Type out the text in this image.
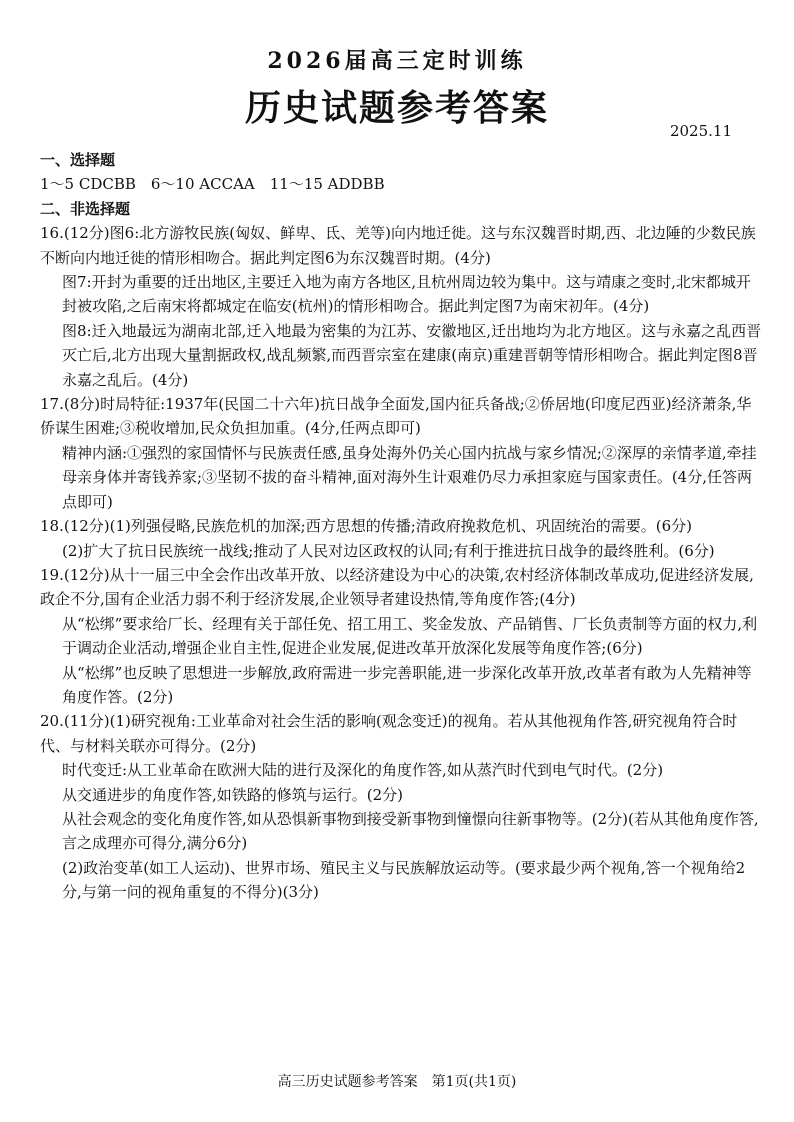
2026届高三定时训练
历史试题参考答案
2025.11

一、选择题

1～5 CDCBB　6～10 ACCAA　11～15 ADDBB

二、非选择题

16.(12分)图6:北方游牧民族(匈奴、鲜卑、氐、羌等)向内地迁徙。这与东汉魏晋时期,西、北边陲的少数民族不断向内地迁徙的情形相吻合。据此判定图6为东汉魏晋时期。(4分)

图7:开封为重要的迁出地区,主要迁入地为南方各地区,且杭州周边较为集中。这与靖康之变时,北宋都城开封被攻陷,之后南宋将都城定在临安(杭州)的情形相吻合。据此判定图7为南宋初年。(4分)

图8:迁入地最远为湖南北部,迁入地最为密集的为江苏、安徽地区,迁出地均为北方地区。这与永嘉之乱西晋灭亡后,北方出现大量割据政权,战乱频繁,而西晋宗室在建康(南京)重建晋朝等情形相吻合。据此判定图8晋永嘉之乱后。(4分)

17.(8分)时局特征:1937年(民国二十六年)抗日战争全面发,国内征兵备战;②侨居地(印度尼西亚)经济萧条,华侨谋生困难;③税收增加,民众负担加重。(4分,任两点即可)

精神内涵:①强烈的家国情怀与民族责任感,虽身处海外仍关心国内抗战与家乡情况;②深厚的亲情孝道,牵挂母亲身体并寄钱养家;③坚韧不拔的奋斗精神,面对海外生计艰难仍尽力承担家庭与国家责任。(4分,任答两点即可)

18.(12分)(1)列强侵略,民族危机的加深;西方思想的传播;清政府挽救危机、巩固统治的需要。(6分)

(2)扩大了抗日民族统一战线;推动了人民对边区政权的认同;有利于推进抗日战争的最终胜利。(6分)

19.(12分)从十一届三中全会作出改革开放、以经济建设为中心的决策,农村经济体制改革成功,促进经济发展,政企不分,国有企业活力弱不利于经济发展,企业领导者建设热情,等角度作答;(4分)

从“松绑”要求给厂长、经理有关于部任免、招工用工、奖金发放、产品销售、厂长负责制等方面的权力,利于调动企业活动,增强企业自主性,促进企业发展,促进改革开放深化发展等角度作答;(6分)

从“松绑”也反映了思想进一步解放,政府需进一步完善职能,进一步深化改革开放,改革者有敢为人先精神等角度作答。(2分)

20.(11分)(1)研究视角:工业革命对社会生活的影响(观念变迁)的视角。若从其他视角作答,研究视角符合时代、与材料关联亦可得分。(2分)

时代变迁:从工业革命在欧洲大陆的进行及深化的角度作答,如从蒸汽时代到电气时代。(2分)

从交通进步的角度作答,如铁路的修筑与运行。(2分)

从社会观念的变化角度作答,如从恐惧新事物到接受新事物到憧憬向往新事物等。(2分)(若从其他角度作答,言之成理亦可得分,满分6分)

(2)政治变革(如工人运动)、世界市场、殖民主义与民族解放运动等。(要求最少两个视角,答一个视角给2分,与第一问的视角重复的不得分)(3分)

高三历史试题参考答案　第1页(共1页)
